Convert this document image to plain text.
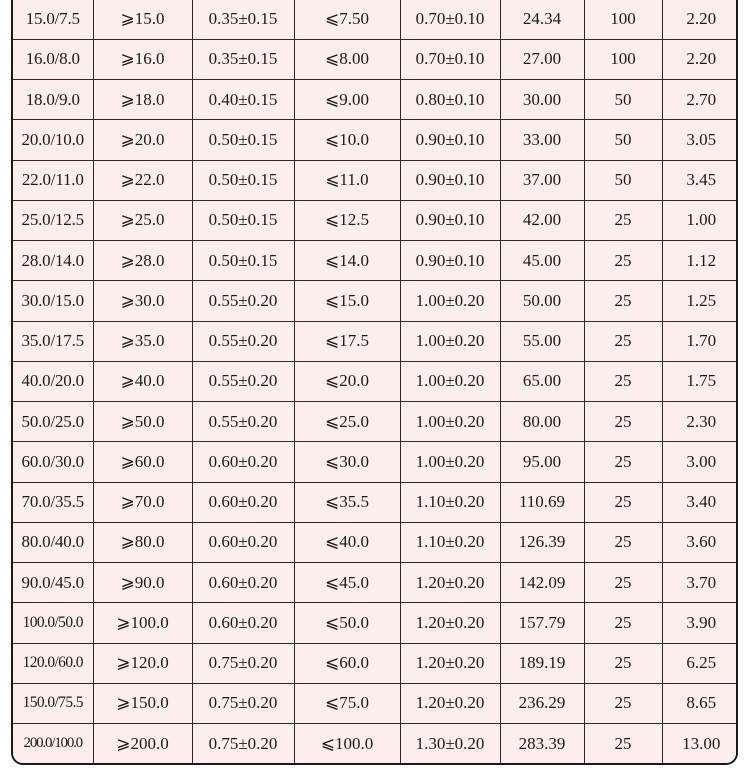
15.0/7.5	⩾15.0	0.35±0.15	⩽7.50	0.70±0.10	24.34	100	2.20
16.0/8.0	⩾16.0	0.35±0.15	⩽8.00	0.70±0.10	27.00	100	2.20
18.0/9.0	⩾18.0	0.40±0.15	⩽9.00	0.80±0.10	30.00	50	2.70
20.0/10.0	⩾20.0	0.50±0.15	⩽10.0	0.90±0.10	33.00	50	3.05
22.0/11.0	⩾22.0	0.50±0.15	⩽11.0	0.90±0.10	37.00	50	3.45
25.0/12.5	⩾25.0	0.50±0.15	⩽12.5	0.90±0.10	42.00	25	1.00
28.0/14.0	⩾28.0	0.50±0.15	⩽14.0	0.90±0.10	45.00	25	1.12
30.0/15.0	⩾30.0	0.55±0.20	⩽15.0	1.00±0.20	50.00	25	1.25
35.0/17.5	⩾35.0	0.55±0.20	⩽17.5	1.00±0.20	55.00	25	1.70
40.0/20.0	⩾40.0	0.55±0.20	⩽20.0	1.00±0.20	65.00	25	1.75
50.0/25.0	⩾50.0	0.55±0.20	⩽25.0	1.00±0.20	80.00	25	2.30
60.0/30.0	⩾60.0	0.60±0.20	⩽30.0	1.00±0.20	95.00	25	3.00
70.0/35.5	⩾70.0	0.60±0.20	⩽35.5	1.10±0.20	110.69	25	3.40
80.0/40.0	⩾80.0	0.60±0.20	⩽40.0	1.10±0.20	126.39	25	3.60
90.0/45.0	⩾90.0	0.60±0.20	⩽45.0	1.20±0.20	142.09	25	3.70
100.0/50.0	⩾100.0	0.60±0.20	⩽50.0	1.20±0.20	157.79	25	3.90
120.0/60.0	⩾120.0	0.75±0.20	⩽60.0	1.20±0.20	189.19	25	6.25
150.0/75.5	⩾150.0	0.75±0.20	⩽75.0	1.20±0.20	236.29	25	8.65
200.0/100.0	⩾200.0	0.75±0.20	⩽100.0	1.30±0.20	283.39	25	13.00
